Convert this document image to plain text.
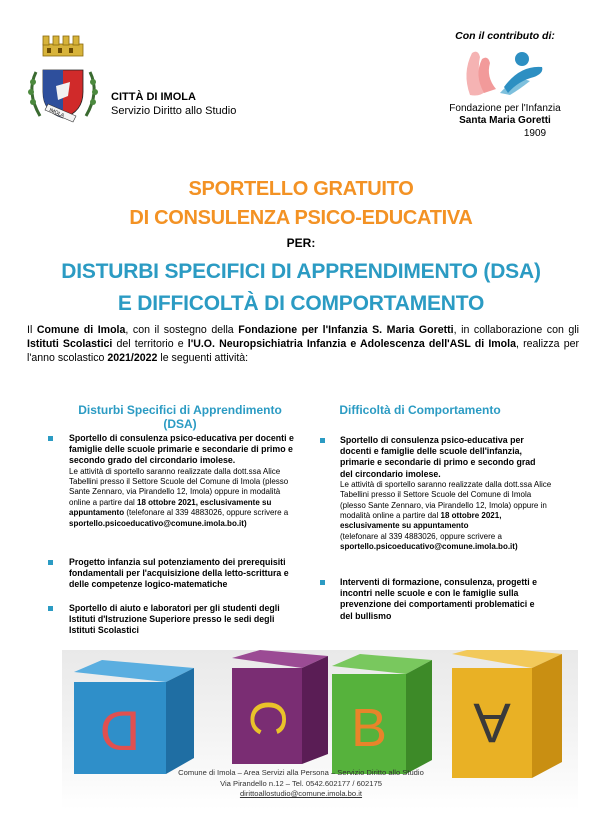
IMOLA
CITTÀ DI IMOLA
Servizio Diritto allo Studio
Con il contributo di:
Fondazione per l'Infanzia
Santa Maria Goretti
1909
SPORTELLO GRATUITO
DI CONSULENZA PSICO-EDUCATIVA
PER:
DISTURBI SPECIFICI DI APPRENDIMENTO (DSA)
E DIFFICOLTÀ DI COMPORTAMENTO
Il Comune di Imola, con il sostegno della Fondazione per l'Infanzia S. Maria Goretti, in collaborazione con gli Istituti Scolastici del territorio e l'U.O. Neuropsichiatria Infanzia e Adolescenza dell'ASL di Imola, realizza per l'anno scolastico 2021/2022 le seguenti attività:
Disturbi Specifici di Apprendimento
(DSA)
Difficoltà di Comportamento
Sportello di consulenza psico-educativa per docenti e
famiglie delle scuole primarie e secondarie di primo e
secondo grado del circondario imolese.
Le attività di sportello saranno realizzate dalla dott.ssa Alice
Tabellini presso il Settore Scuole del Comune di Imola (plesso
Sante Zennaro, via Pirandello 12, Imola) oppure in modalità
online a partire dal 18 ottobre 2021, esclusivamente su
appuntamento (telefonare al 339 4883026, oppure scrivere a
sportello.psicoeducativo@comune.imola.bo.it)
Progetto infanzia sul potenziamento dei prerequisiti
fondamentali per l'acquisizione della letto-scrittura e
delle competenze logico-matematiche
Sportello di aiuto e laboratori per gli studenti degli
Istituti d'Istruzione Superiore presso le sedi degli
Istituti Scolastici
Sportello di consulenza psico-educativa per
docenti e famiglie delle scuole dell'infanzia,
primarie e secondarie di primo e secondo grad
del circondario imolese.
Le attività di sportello saranno realizzate dalla dott.ssa Alice
Tabellini presso il Settore Scuole del Comune di Imola
(plesso Sante Zennaro, via Pirandello 12, Imola) oppure in
modalità online a partire dal 18 ottobre 2021,
esclusivamente su appuntamento
(telefonare al 339 4883026, oppure scrivere a
sportello.psicoeducativo@comune.imola.bo.it)
Interventi di formazione, consulenza, progetti e
incontri nelle scuole e con le famiglie sulla
prevenzione dei comportamenti problematici e
del bullismo
D C B A
Comune di Imola – Area Servizi alla Persona – Servizio Diritto allo Studio
Via Pirandello n.12 – Tel. 0542.602177 / 602175
dirittoallostudio@comune.imola.bo.it
